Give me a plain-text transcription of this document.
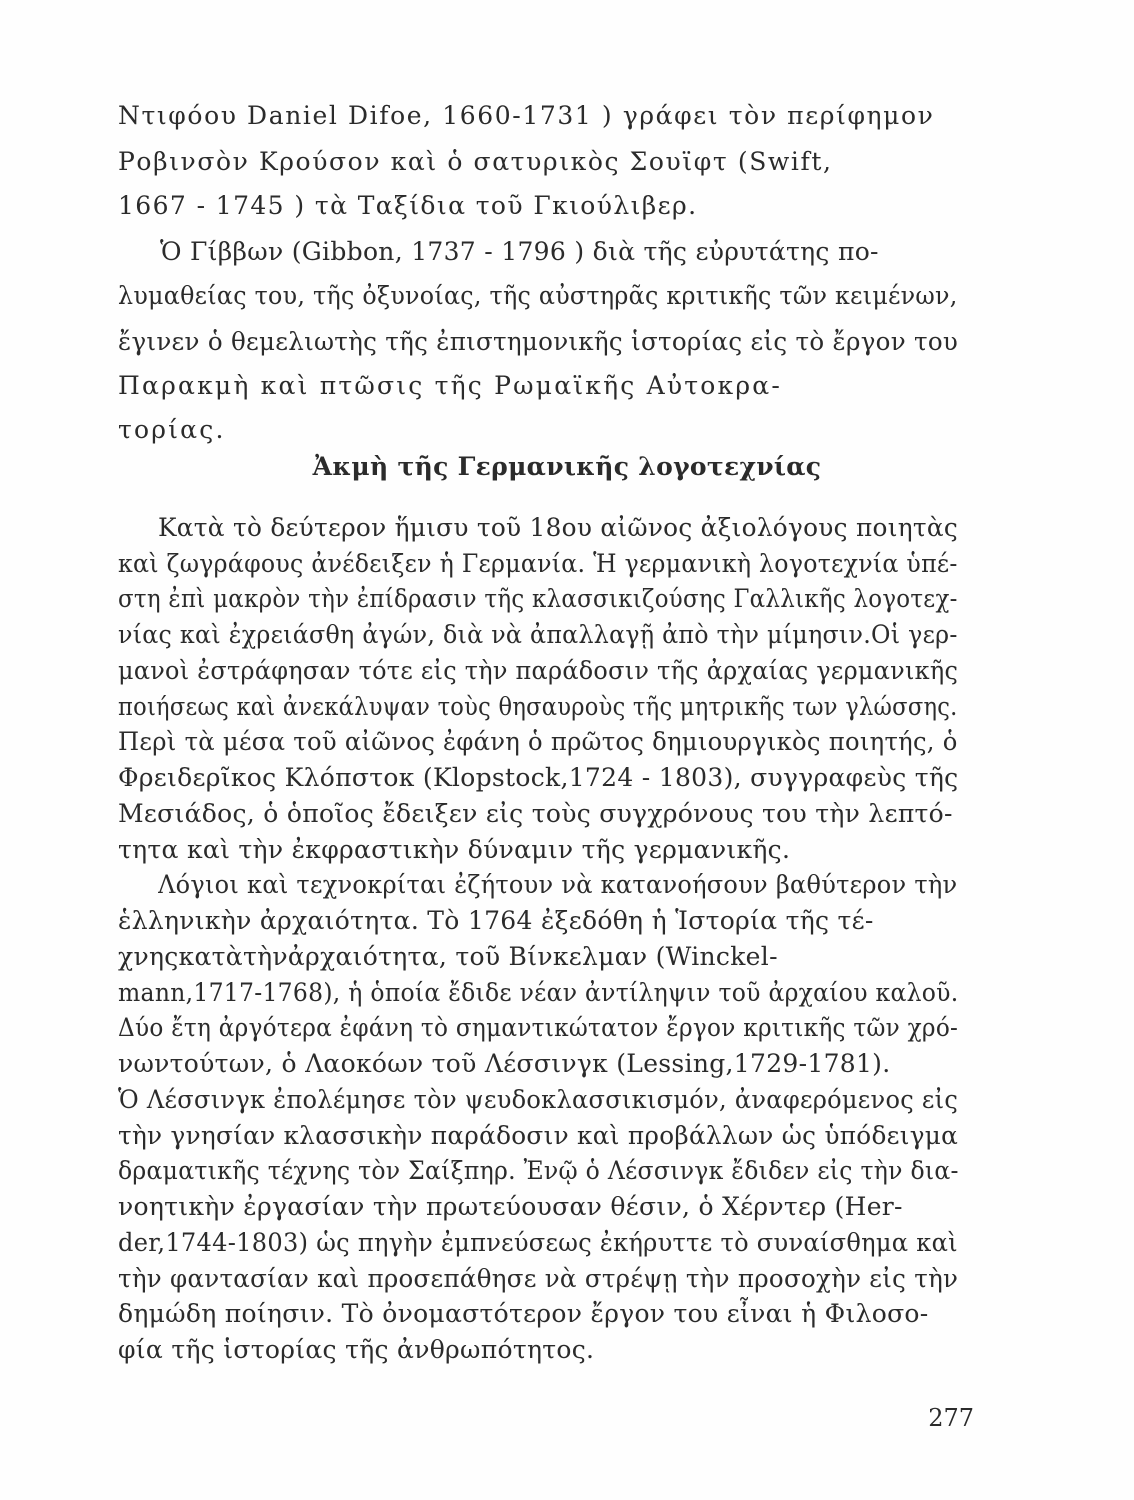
Ντιφόου Daniel Difoe, 1660-1731 ) γράφει τὸν περίφημον
Ροβινσὸν Κρούσον καὶ ὁ σατυρικὸς Σουϊφτ (Swift,
1667 - 1745 ) τὰ Ταξίδια τοῦ Γκιούλιβερ.
Ὁ Γίββων (Gibbon, 1737 - 1796 ) διὰ τῆς εὐρυτάτης πο-
λυμαθείας του, τῆς ὀξυνοίας, τῆς αὐστηρᾶς κριτικῆς τῶν κειμένων,
ἔγινεν ὁ θεμελιωτὴς τῆς ἐπιστημονικῆς ἱστορίας εἰς τὸ ἔργον του
Παρακμὴ καὶ πτῶσις τῆς Ρωμαϊκῆς Αὐτοκρα-
τορίας.
Ἀκμὴ τῆς Γερμανικῆς λογοτεχνίας
Κατὰ τὸ δεύτερον ἥμισυ τοῦ 18ου αἰῶνος ἀξιολόγους ποιητὰς
καὶ ζωγράφους ἀνέδειξεν ἡ Γερμανία. Ἡ γερμανικὴ λογοτεχνία ὑπέ-
στη ἐπὶ μακρὸν τὴν ἐπίδρασιν τῆς κλασσικιζούσης Γαλλικῆς λογοτεχ-
νίας καὶ ἐχρειάσθη ἀγών, διὰ νὰ ἀπαλλαγῇ ἀπὸ τὴν μίμησιν.Οἱ γερ-
μανοὶ ἐστράφησαν τότε εἰς τὴν παράδοσιν τῆς ἀρχαίας γερμανικῆς
ποιήσεως καὶ ἀνεκάλυψαν τοὺς θησαυροὺς τῆς μητρικῆς των γλώσσης.
Περὶ τὰ μέσα τοῦ αἰῶνος ἐφάνη ὁ πρῶτος δημιουργικὸς ποιητής, ὁ
Φρειδερῖκος Κλόπστοκ (Klopstock,1724 - 1803), συγγραφεὺς τῆς
Μεσιάδος, ὁ ὁποῖος ἔδειξεν εἰς τοὺς συγχρόνους του τὴν λεπτό-
τητα καὶ τὴν ἐκφραστικὴν δύναμιν τῆς γερμανικῆς.
Λόγιοι καὶ τεχνοκρίται ἐζήτουν νὰ κατανοήσουν βαθύτερον τὴν
ἑλληνικὴν ἀρχαιότητα. Τὸ 1764 ἐξεδόθη ἡ Ἱστορία τῆς τέ-
χνηςκατὰτὴνἀρχαιότητα, τοῦ Βίνκελμαν (Winckel-
mann,1717-1768), ἡ ὁποία ἔδιδε νέαν ἀντίληψιν τοῦ ἀρχαίου καλοῦ.
Δύο ἔτη ἀργότερα ἐφάνη τὸ σημαντικώτατον ἔργον κριτικῆς τῶν χρό-
νωντούτων, ὁ Λαοκόων τοῦ Λέσσινγκ (Lessing,1729-1781).
Ὁ Λέσσινγκ ἐπολέμησε τὸν ψευδοκλασσικισμόν, ἀναφερόμενος εἰς
τὴν γνησίαν κλασσικὴν παράδοσιν καὶ προβάλλων ὡς ὑπόδειγμα
δραματικῆς τέχνης τὸν Σαίξπηρ. Ἐνῷ ὁ Λέσσινγκ ἔδιδεν εἰς τὴν δια-
νοητικὴν ἐργασίαν τὴν πρωτεύουσαν θέσιν, ὁ Χέρντερ (Her-
der,1744-1803) ὡς πηγὴν ἐμπνεύσεως ἐκήρυττε τὸ συναίσθημα καὶ
τὴν φαντασίαν καὶ προσεπάθησε νὰ στρέψῃ τὴν προσοχὴν εἰς τὴν
δημώδη ποίησιν. Τὸ ὀνομαστότερον ἔργον του εἶναι ἡ Φιλοσο-
φία τῆς ἱστορίας τῆς ἀνθρωπότητος.
277
